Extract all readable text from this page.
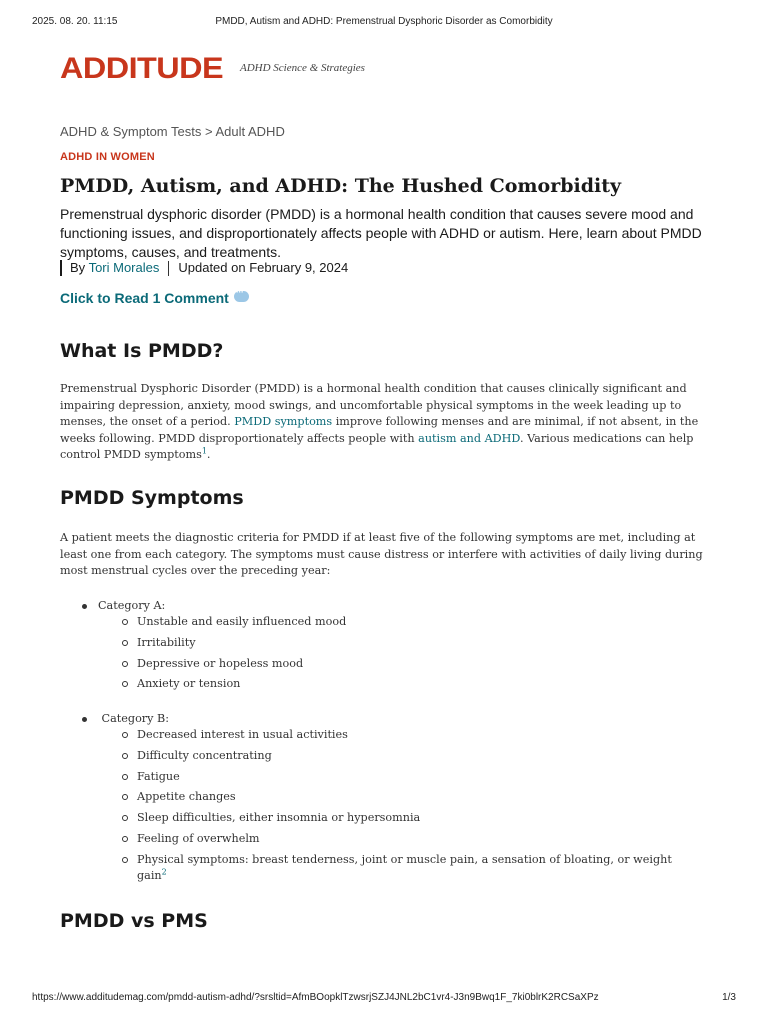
2025. 08. 20. 11:15	PMDD, Autism and ADHD: Premenstrual Dysphoric Disorder as Comorbidity
ADDITUDE ADHD Science & Strategies
ADHD & Symptom Tests > Adult ADHD
ADHD IN WOMEN
PMDD, Autism, and ADHD: The Hushed Comorbidity

Premenstrual dysphoric disorder (PMDD) is a hormonal health condition that causes severe mood and functioning issues, and disproportionately affects people with ADHD or autism. Here, learn about PMDD symptoms, causes, and treatments.

By Tori Morales Updated on February 9, 2024
Click to Read 1 Comment···
What Is PMDD?

Premenstrual Dysphoric Disorder (PMDD) is a hormonal health condition that causes clinically significant and impairing depression, anxiety, mood swings, and uncomfortable physical symptoms in the week leading up to menses, the onset of a period. PMDD symptoms improve following menses and are minimal, if not absent, in the weeks following. PMDD disproportionately affects people with autism and ADHD. Various medications can help control PMDD symptoms$^1$.

PMDD Symptoms

A patient meets the diagnostic criteria for PMDD if at least five of the following symptoms are met, including at least one from each category. The symptoms must cause distress or interfere with activities of daily living during most menstrual cycles over the preceding year:

Category A:
Unstable and easily influenced mood
Irritability
Depressive or hopeless mood
Anxiety or tension
Category B:
Decreased interest in usual activities
Difficulty concentrating
Fatigue
Appetite changes
Sleep difficulties, either insomnia or hypersomnia
Feeling of overwhelm
Physical symptoms: breast tenderness, joint or muscle pain, a sensation of bloating, or weight gain$^2$
PMDD vs PMS
https://www.additudemag.com/pmdd-autism-adhd/?srsltid=AfmBOopklTzwsrjSZJ4JNL2bC1vr4-J3n9Bwq1F_7ki0blrK2RCSaXPz	1/3
